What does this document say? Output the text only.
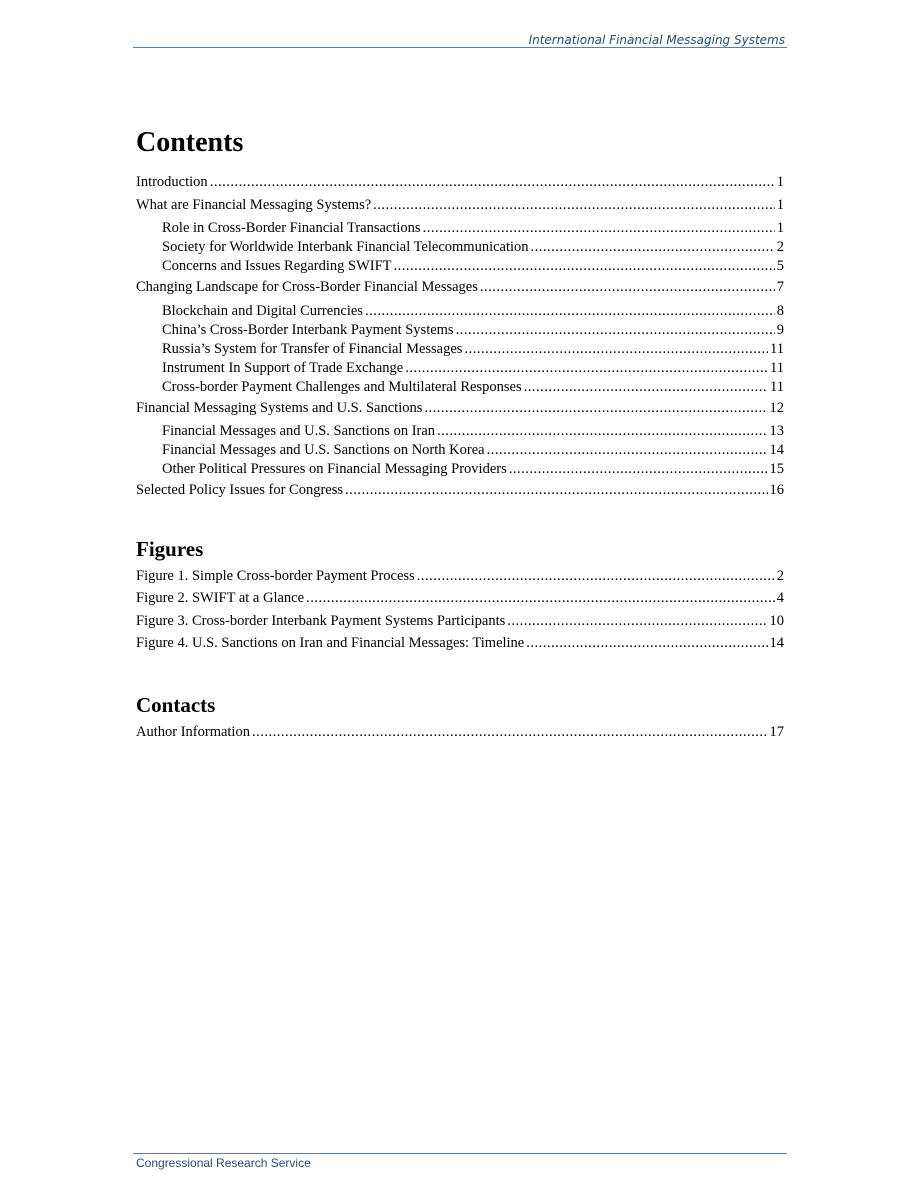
International Financial Messaging Systems
Contents
Introduction .....	1
What are Financial Messaging Systems? .....	1
Role in Cross-Border Financial Transactions .....	1
Society for Worldwide Interbank Financial Telecommunication .....	2
Concerns and Issues Regarding SWIFT .....	5
Changing Landscape for Cross-Border Financial Messages .....	7
Blockchain and Digital Currencies .....	8
China’s Cross-Border Interbank Payment Systems .....	9
Russia’s System for Transfer of Financial Messages .....	11
Instrument In Support of Trade Exchange .....	11
Cross-border Payment Challenges and Multilateral Responses .....	11
Financial Messaging Systems and U.S. Sanctions .....	12
Financial Messages and U.S. Sanctions on Iran .....	13
Financial Messages and U.S. Sanctions on North Korea .....	14
Other Political Pressures on Financial Messaging Providers .....	15
Selected Policy Issues for Congress .....	16
Figures
Figure 1. Simple Cross-border Payment Process .....	2
Figure 2. SWIFT at a Glance .....	4
Figure 3. Cross-border Interbank Payment Systems Participants .....	10
Figure 4. U.S. Sanctions on Iran and Financial Messages: Timeline .....	14
Contacts
Author Information .....	17
Congressional Research Service
